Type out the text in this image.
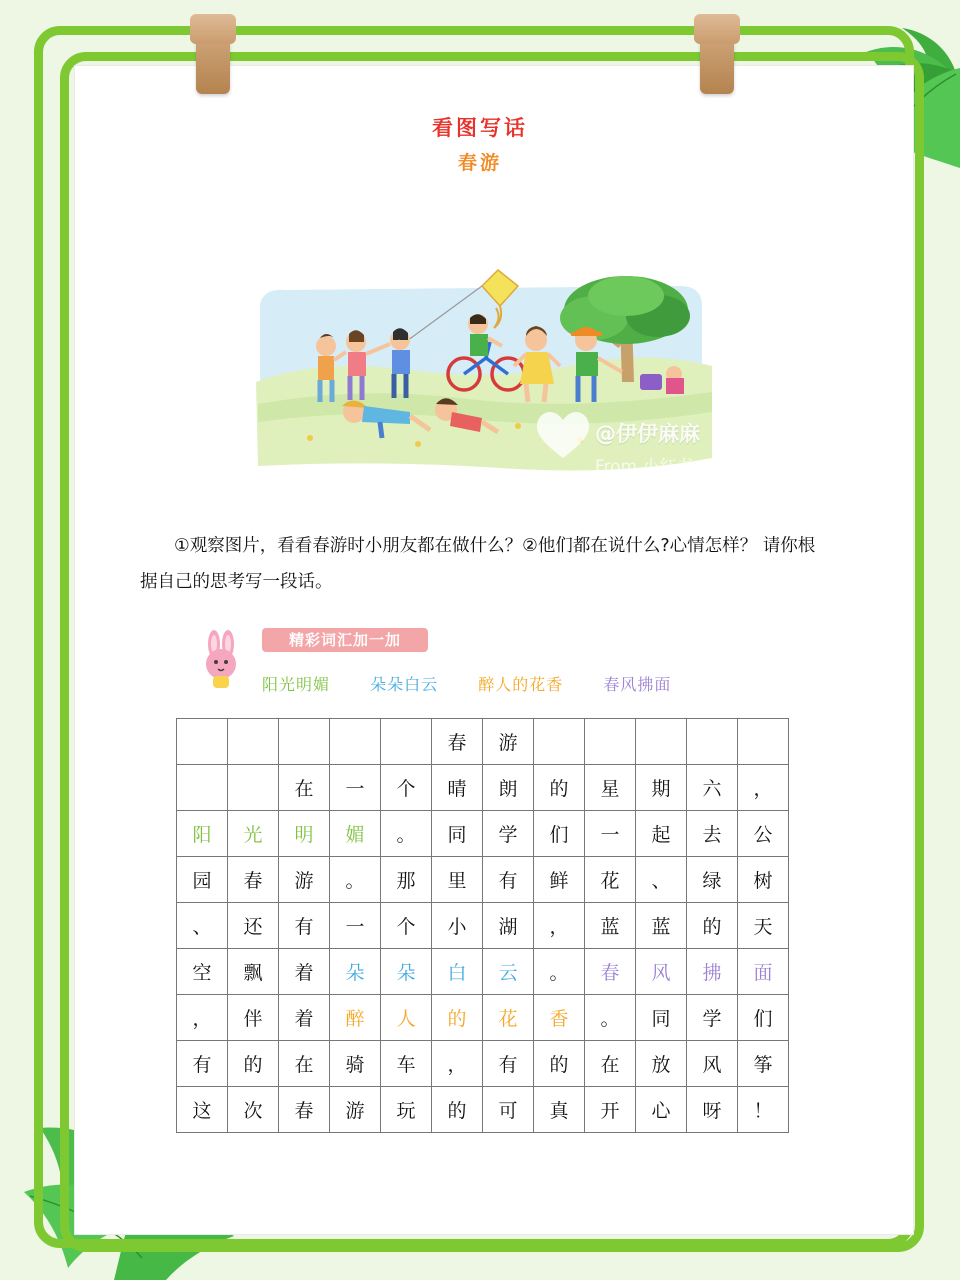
看图写话
春游
@伊伊麻麻
From 小红书
①观察图片，看看春游时小朋友都在做什么？②他们都在说什么?心情怎样？ 请你根据自己的思考写一段话。
精彩词汇加一加
阳光明媚	朵朵白云	醉人的花香	春风拂面
					春	游					
		在	一	个	晴	朗	的	星	期	六	，
阳	光	明	媚	。	同	学	们	一	起	去	公
园	春	游	。	那	里	有	鲜	花	、	绿	树
、	还	有	一	个	小	湖	，	蓝	蓝	的	天
空	飘	着	朵	朵	白	云	。	春	风	拂	面
，	伴	着	醉	人	的	花	香	。	同	学	们
有	的	在	骑	车	，	有	的	在	放	风	筝
这	次	春	游	玩	的	可	真	开	心	呀	！
